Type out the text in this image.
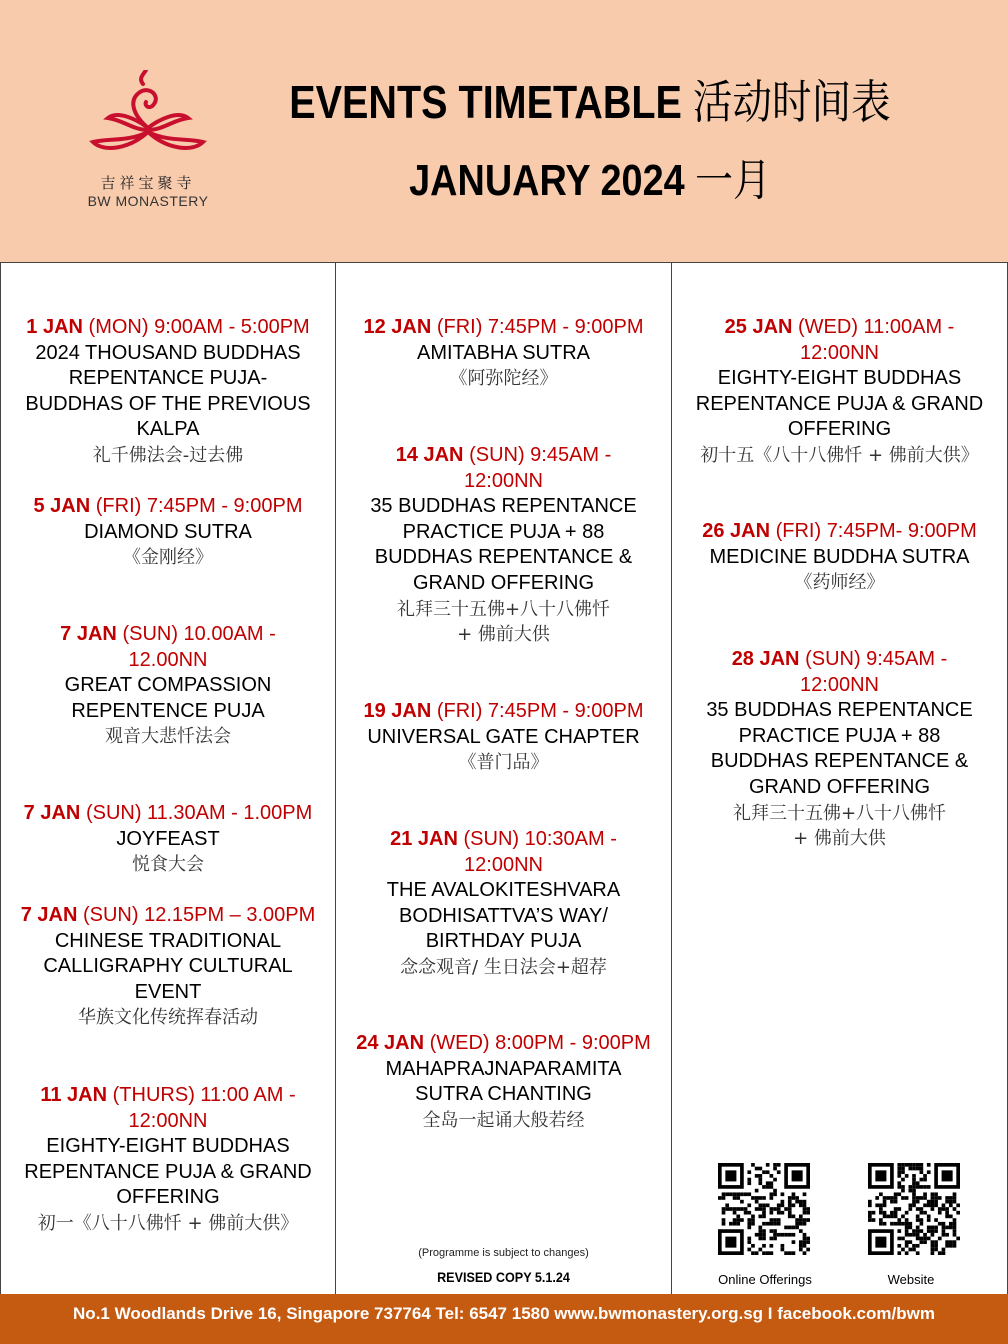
吉祥宝聚寺
BW MONASTERY
EVENTS TIMETABLE 活动时间表
JANUARY 2024 一月
1 JAN (MON) 9:00AM - 5:00PM
2024 THOUSAND BUDDHAS
REPENTANCE PUJA-
BUDDHAS OF THE PREVIOUS
KALPA
礼千佛法会-过去佛
5 JAN (FRI) 7:45PM - 9:00PM
DIAMOND SUTRA
《金刚经》
7 JAN (SUN) 10.00AM -
12.00NN
GREAT COMPASSION
REPENTENCE PUJA
观音大悲忏法会
7 JAN (SUN) 11.30AM - 1.00PM
JOYFEAST
悦食大会
7 JAN (SUN) 12.15PM – 3.00PM
CHINESE TRADITIONAL
CALLIGRAPHY CULTURAL
EVENT
华族文化传统挥春活动
11 JAN (THURS) 11:00 AM -
12:00NN
EIGHTY-EIGHT BUDDHAS
REPENTANCE PUJA & GRAND
OFFERING
初一《八十八佛忏 + 佛前大供》
(Programme is subject to changes)
REVISED COPY 5.1.24
12 JAN (FRI) 7:45PM - 9:00PM
AMITABHA SUTRA
《阿弥陀经》
14 JAN (SUN) 9:45AM -
12:00NN
35 BUDDHAS REPENTANCE
PRACTICE PUJA + 88
BUDDHAS REPENTANCE &
GRAND OFFERING
礼拜三十五佛+八十八佛忏
+ 佛前大供
19 JAN (FRI) 7:45PM - 9:00PM
UNIVERSAL GATE CHAPTER
《普门品》
21 JAN (SUN) 10:30AM -
12:00NN
THE AVALOKITESHVARA
BODHISATTVA’S WAY/
BIRTHDAY PUJA
念念观音/ 生日法会+超荐
24 JAN (WED) 8:00PM - 9:00PM
MAHAPRAJNAPARAMITA
SUTRA CHANTING
全岛一起诵大般若经
Online Offerings	Website
25 JAN (WED) 11:00AM -
12:00NN
EIGHTY-EIGHT BUDDHAS
REPENTANCE PUJA & GRAND
OFFERING
初十五《八十八佛忏 + 佛前大供》
26 JAN (FRI) 7:45PM- 9:00PM
MEDICINE BUDDHA SUTRA
《药师经》
28 JAN (SUN) 9:45AM -
12:00NN
35 BUDDHAS REPENTANCE
PRACTICE PUJA + 88
BUDDHAS REPENTANCE &
GRAND OFFERING
礼拜三十五佛+八十八佛忏
+ 佛前大供
No.1 Woodlands Drive 16, Singapore 737764 Tel: 6547 1580 www.bwmonastery.org.sg I facebook.com/bwm
